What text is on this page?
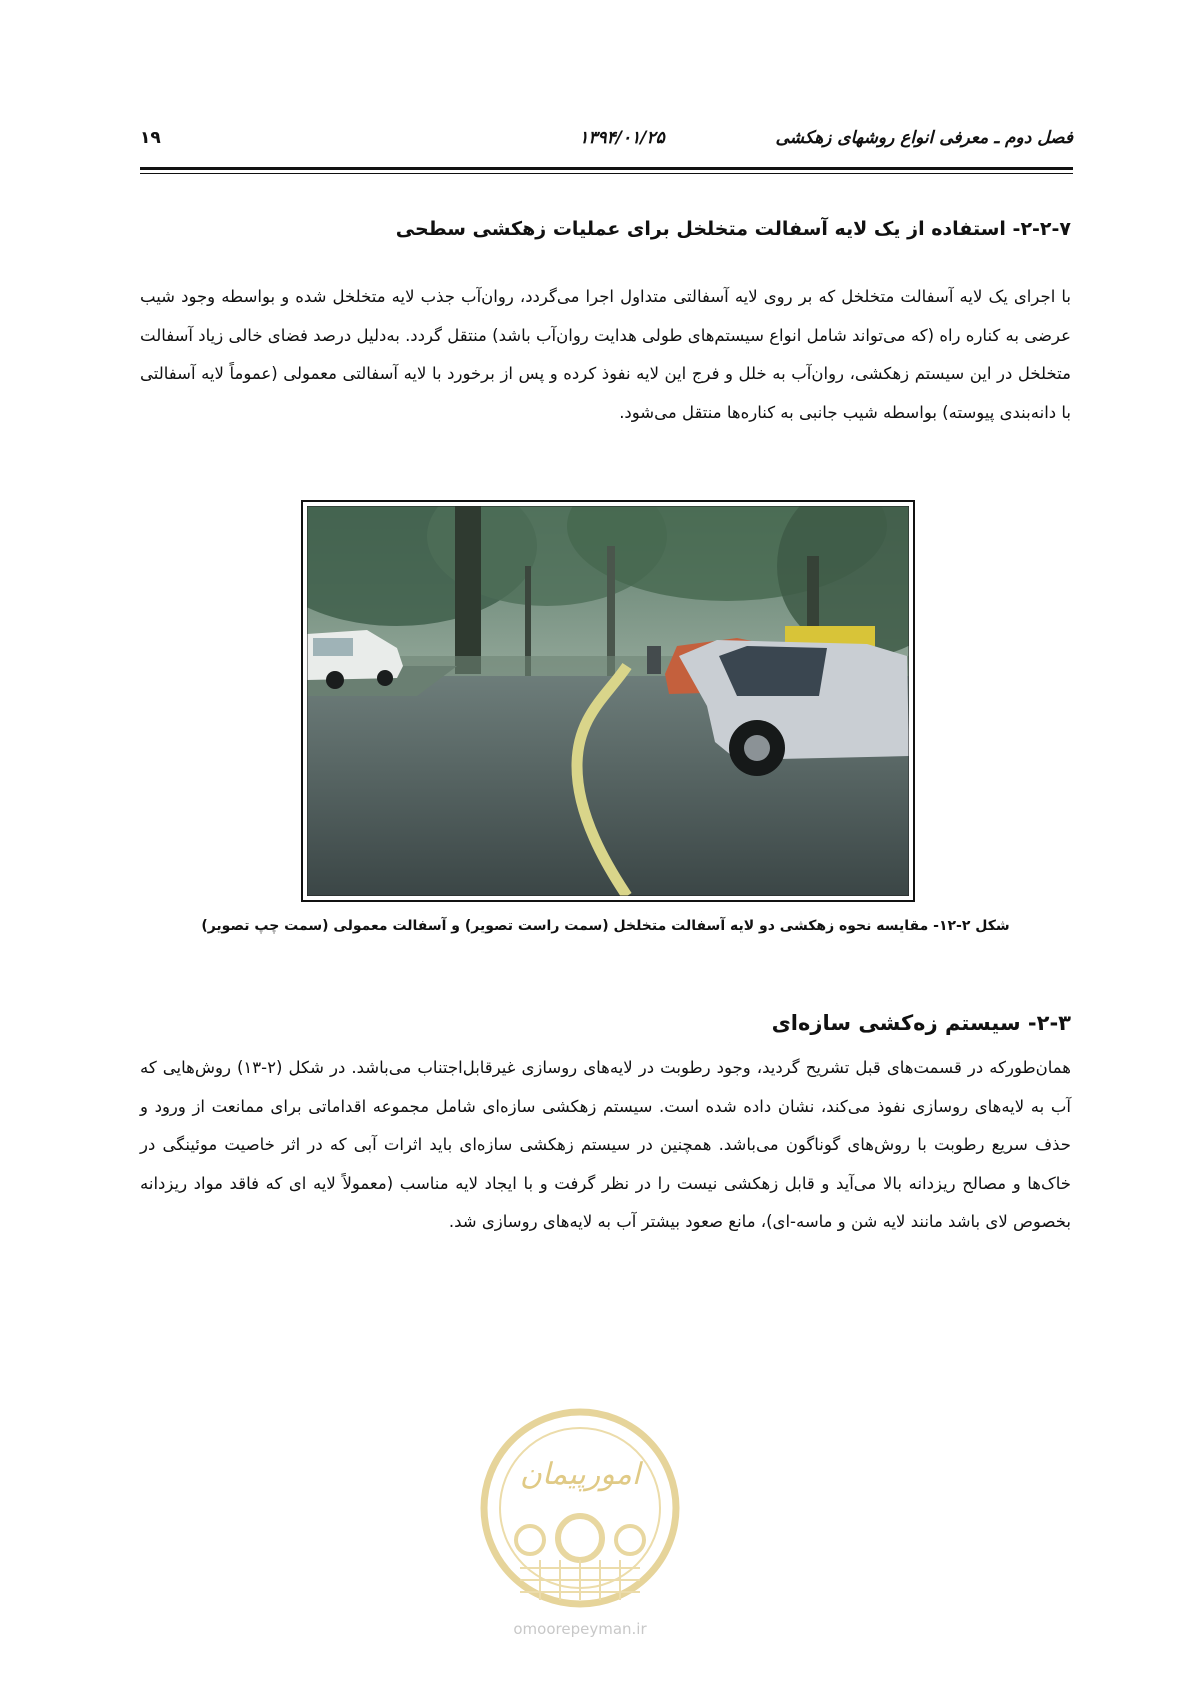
فصل دوم ـ معرفی انواع روشهای زهکشی
۱۳۹۴/۰۱/۲۵
۱۹
۲-۲-۷- استفاده از یک لایه آسفالت متخلخل برای عملیات زهکشی سطحی
با اجرای یک لایه آسفالت متخلخل که بر روی لایه آسفالتی متداول اجرا می‌گردد، روان‌آب جذب لایه متخلخل شده و بواسطه وجود شیب عرضی به کناره راه (که می‌تواند شامل انواع سیستم‌های طولی هدایت روان‌آب باشد) منتقل گردد. به‌دلیل درصد فضای خالی زیاد آسفالت متخلخل در این سیستم زهکشی، روان‌آب به خلل و فرج این لایه نفوذ کرده و پس از برخورد با لایه آسفالتی معمولی (عموماً لایه آسفالتی با دانه‌بندی پیوسته) بواسطه شیب جانبی به کناره‌ها منتقل می‌شود.
شکل ۲-۱۲- مقایسه نحوه زهکشی دو لایه آسفالت متخلخل (سمت راست تصویر) و آسفالت معمولی (سمت چپ تصویر)
۲-۳- سیستم زه‌کشی سازه‌ای
همان‌طورکه در قسمت‌های قبل تشریح گردید، وجود رطوبت در لایه‌های روسازی غیرقابل‌اجتناب می‌باشد. در شکل (۲-۱۳) روش‌هایی که آب به لایه‌های روسازی نفوذ می‌کند، نشان داده شده است. سیستم زهکشی سازه‌ای شامل مجموعه اقداماتی برای ممانعت از ورود و حذف سریع رطوبت با روش‌های گوناگون می‌باشد. همچنین در سیستم زهکشی سازه‌ای باید اثرات آبی که در اثر خاصیت موئینگی در خاک‌ها و مصالح ریزدانه بالا می‌آید و قابل زهکشی نیست را در نظر گرفت و با ایجاد لایه مناسب (معمولاً لایه ای که فاقد مواد ریزدانه بخصوص لای باشد مانند لایه شن و ماسه-ای)، مانع صعود بیشتر آب به لایه‌های روسازی شد.
امورپیمان
omoorepeyman.ir
